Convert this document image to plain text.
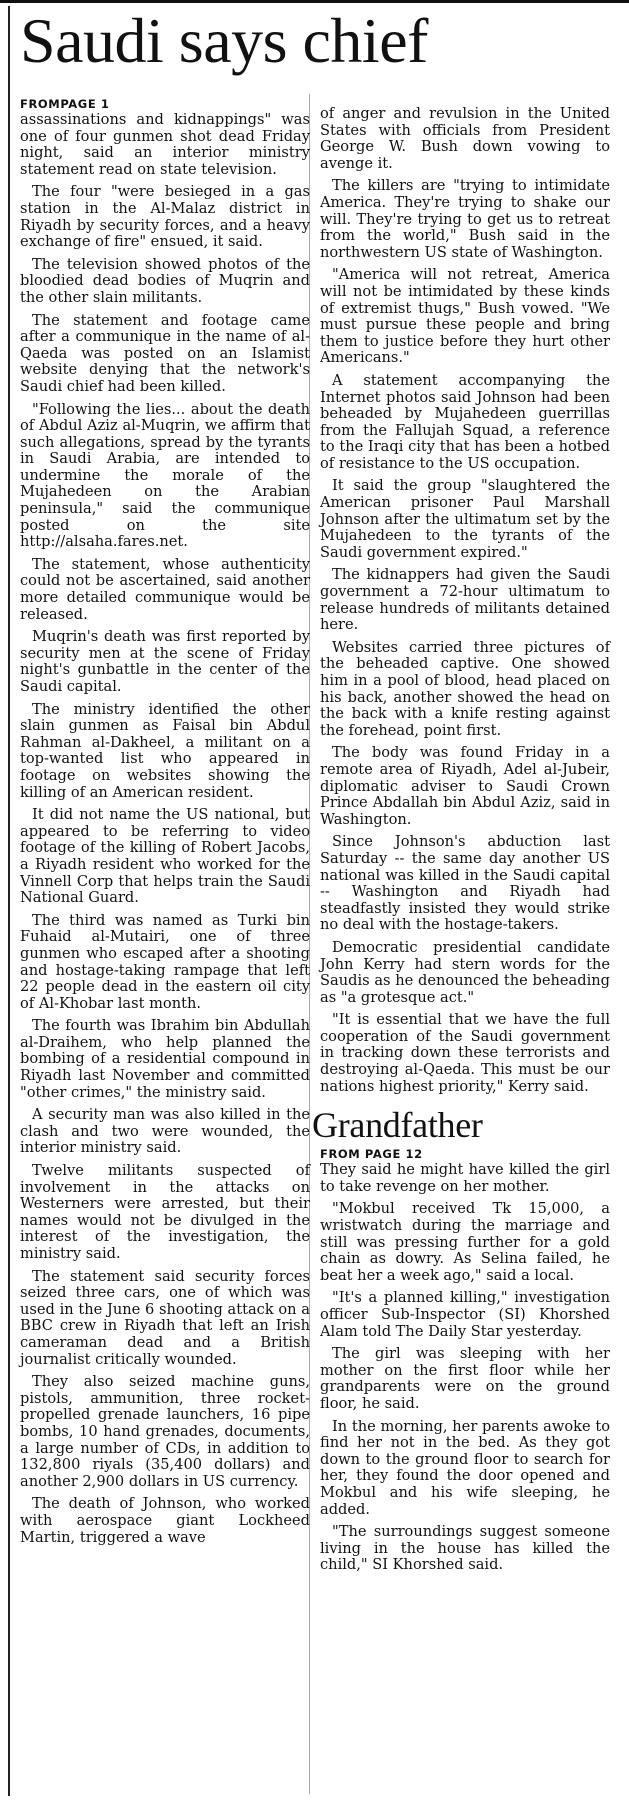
Saudi says chief
FROMPAGE 1

assassinations and kidnappings" was one of four gunmen shot dead Friday night, said an interior ministry statement read on state television.

The four "were besieged in a gas station in the Al-Malaz district in Riyadh by security forces, and a heavy exchange of fire" ensued, it said.

The television showed photos of the bloodied dead bodies of Muqrin and the other slain militants.

The statement and footage came after a communique in the name of al-Qaeda was posted on an Islamist website denying that the network's Saudi chief had been killed.

"Following the lies... about the death of Abdul Aziz al-Muqrin, we affirm that such allegations, spread by the tyrants in Saudi Arabia, are intended to undermine the morale of the Mujahedeen on the Arabian peninsula," said the communique posted on the site http://alsaha.fares.net.

The statement, whose authenticity could not be ascertained, said another more detailed communique would be released.

Muqrin's death was first reported by security men at the scene of Friday night's gunbattle in the center of the Saudi capital.

The ministry identified the other slain gunmen as Faisal bin Abdul Rahman al-Dakheel, a militant on a top-wanted list who appeared in footage on websites showing the killing of an American resident.

It did not name the US national, but appeared to be referring to video footage of the killing of Robert Jacobs, a Riyadh resident who worked for the Vinnell Corp that helps train the Saudi National Guard.

The third was named as Turki bin Fuhaid al-Mutairi, one of three gunmen who escaped after a shooting and hostage-taking rampage that left 22 people dead in the eastern oil city of Al-Khobar last month.

The fourth was Ibrahim bin Abdullah al-Draihem, who help planned the bombing of a residential compound in Riyadh last November and committed "other crimes," the ministry said.

A security man was also killed in the clash and two were wounded, the interior ministry said.

Twelve militants suspected of involvement in the attacks on Westerners were arrested, but their names would not be divulged in the interest of the investigation, the ministry said.

The statement said security forces seized three cars, one of which was used in the June 6 shooting attack on a BBC crew in Riyadh that left an Irish cameraman dead and a British journalist critically wounded.

They also seized machine guns, pistols, ammunition, three rocket-propelled grenade launchers, 16 pipe bombs, 10 hand grenades, documents, a large number of CDs, in addition to 132,800 riyals (35,400 dollars) and another 2,900 dollars in US currency.

The death of Johnson, who worked with aerospace giant Lockheed Martin, triggered a wave

of anger and revulsion in the United States with officials from President George W. Bush down vowing to avenge it.

The killers are "trying to intimidate America. They're trying to shake our will. They're trying to get us to retreat from the world," Bush said in the northwestern US state of Washington.

"America will not retreat, America will not be intimidated by these kinds of extremist thugs," Bush vowed. "We must pursue these people and bring them to justice before they hurt other Americans."

A statement accompanying the Internet photos said Johnson had been beheaded by Mujahedeen guerrillas from the Fallujah Squad, a reference to the Iraqi city that has been a hotbed of resistance to the US occupation.

It said the group "slaughtered the American prisoner Paul Marshall Johnson after the ultimatum set by the Mujahedeen to the tyrants of the Saudi government expired."

The kidnappers had given the Saudi government a 72-hour ultimatum to release hundreds of militants detained here.

Websites carried three pictures of the beheaded captive. One showed him in a pool of blood, head placed on his back, another showed the head on the back with a knife resting against the forehead, point first.

The body was found Friday in a remote area of Riyadh, Adel al-Jubeir, diplomatic adviser to Saudi Crown Prince Abdallah bin Abdul Aziz, said in Washington.

Since Johnson's abduction last Saturday -- the same day another US national was killed in the Saudi capital -- Washington and Riyadh had steadfastly insisted they would strike no deal with the hostage-takers.

Democratic presidential candidate John Kerry had stern words for the Saudis as he denounced the beheading as "a grotesque act."

"It is essential that we have the full cooperation of the Saudi government in tracking down these terrorists and destroying al-Qaeda. This must be our nations highest priority," Kerry said.

Grandfather
FROM PAGE 12

They said he might have killed the girl to take revenge on her mother.

"Mokbul received Tk 15,000, a wristwatch during the marriage and still was pressing further for a gold chain as dowry. As Selina failed, he beat her a week ago," said a local.

"It's a planned killing," investigation officer Sub-Inspector (SI) Khorshed Alam told The Daily Star yesterday.

The girl was sleeping with her mother on the first floor while her grandparents were on the ground floor, he said.

In the morning, her parents awoke to find her not in the bed. As they got down to the ground floor to search for her, they found the door opened and Mokbul and his wife sleeping, he added.

"The surroundings suggest someone living in the house has killed the child," SI Khorshed said.
